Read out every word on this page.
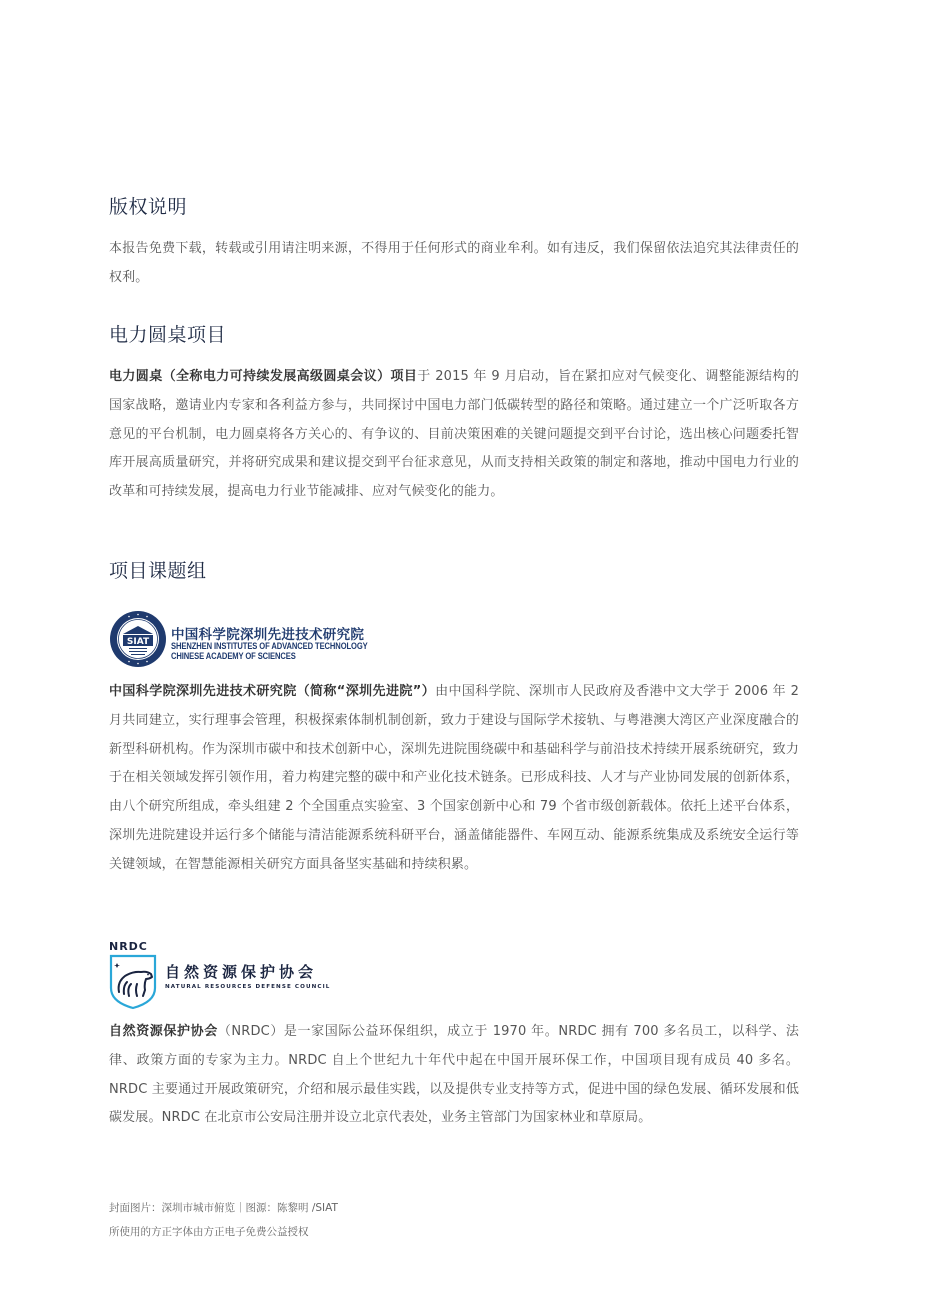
版权说明

本报告免费下载，转载或引用请注明来源，不得用于任何形式的商业牟利。如有违反，我们保留依法追究其法律责任的权利。

电力圆桌项目

电力圆桌（全称电力可持续发展高级圆桌会议）项目于 2015 年 9 月启动，旨在紧扣应对气候变化、调整能源结构的国家战略，邀请业内专家和各利益方参与，共同探讨中国电力部门低碳转型的路径和策略。通过建立一个广泛听取各方意见的平台机制，电力圆桌将各方关心的、有争议的、目前决策困难的关键问题提交到平台讨论，选出核心问题委托智库开展高质量研究，并将研究成果和建议提交到平台征求意见，从而支持相关政策的制定和落地，推动中国电力行业的改革和可持续发展，提高电力行业节能减排、应对气候变化的能力。

项目课题组
SIAT 中国科学院深圳先进技术研究院
SHENZHEN INSTITUTES OF ADVANCED TECHNOLOGY
CHINESE ACADEMY OF SCIENCES

中国科学院深圳先进技术研究院（简称“深圳先进院”）由中国科学院、深圳市人民政府及香港中文大学于 2006 年 2 月共同建立，实行理事会管理，积极探索体制机制创新，致力于建设与国际学术接轨、与粤港澳大湾区产业深度融合的新型科研机构。作为深圳市碳中和技术创新中心，深圳先进院围绕碳中和基础科学与前沿技术持续开展系统研究，致力于在相关领域发挥引领作用，着力构建完整的碳中和产业化技术链条。已形成科技、人才与产业协同发展的创新体系，由八个研究所组成，牵头组建 2 个全国重点实验室、3 个国家创新中心和 79 个省市级创新载体。依托上述平台体系，深圳先进院建设并运行多个储能与清洁能源系统科研平台，涵盖储能器件、车网互动、能源系统集成及系统安全运行等关键领域，在智慧能源相关研究方面具备坚实基础和持续积累。

NRDC
自然资源保护协会
NATURAL RESOURCES DEFENSE COUNCIL

自然资源保护协会（NRDC）是一家国际公益环保组织，成立于 1970 年。NRDC 拥有 700 多名员工，以科学、法律、政策方面的专家为主力。NRDC 自上个世纪九十年代中起在中国开展环保工作，中国项目现有成员 40 多名。NRDC 主要通过开展政策研究，介绍和展示最佳实践，以及提供专业支持等方式，促进中国的绿色发展、循环发展和低碳发展。NRDC 在北京市公安局注册并设立北京代表处，业务主管部门为国家林业和草原局。

封面图片：深圳市城市俯览｜图源：陈黎明 /SIAT
所使用的方正字体由方正电子免费公益授权
